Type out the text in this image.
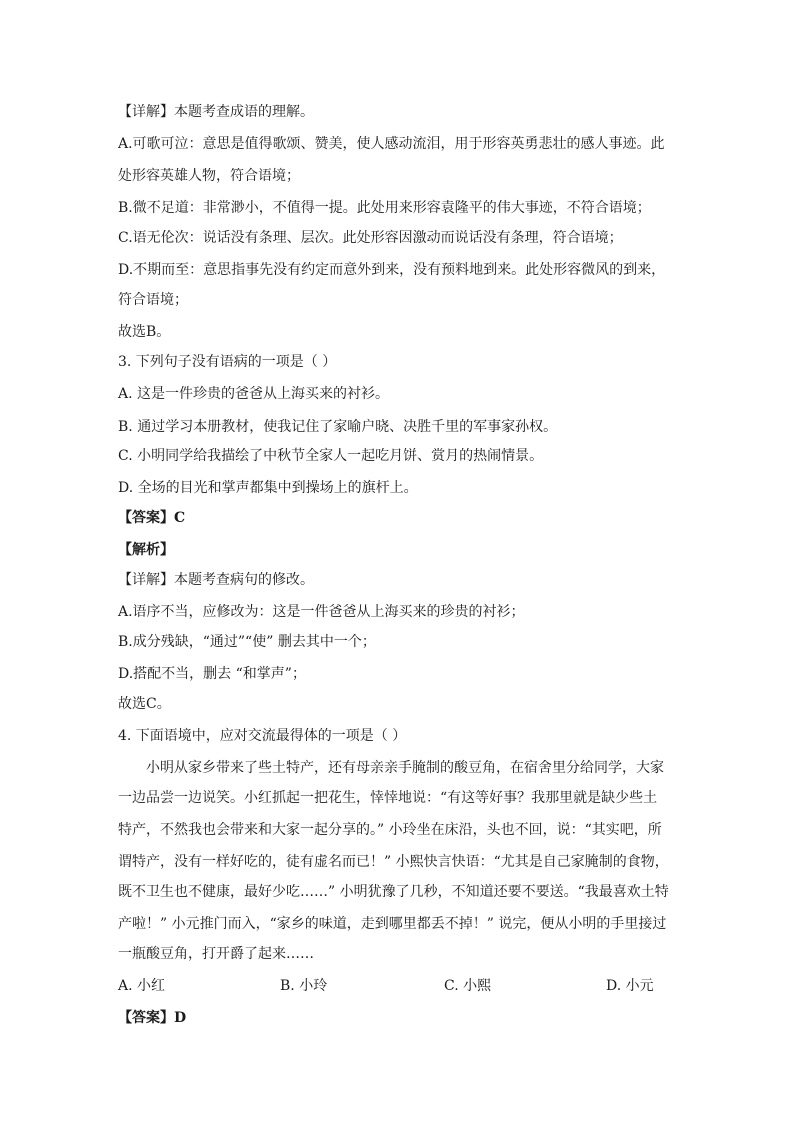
【详解】本题考查成语的理解。
A.可歌可泣：意思是值得歌颂、赞美，使人感动流泪，用于形容英勇悲壮的感人事迹。此
处形容英雄人物，符合语境；
B.微不足道：非常渺小，不值得一提。此处用来形容袁隆平的伟大事迹，不符合语境；
C.语无伦次：说话没有条理、层次。此处形容因激动而说话没有条理，符合语境；
D.不期而至：意思指事先没有约定而意外到来，没有预料地到来。此处形容微风的到来，
符合语境；
故选B。
3. 下列句子没有语病的一项是（ ）
A. 这是一件珍贵的爸爸从上海买来的衬衫。
B. 通过学习本册教材，使我记住了家喻户晓、决胜千里的军事家孙权。
C. 小明同学给我描绘了中秋节全家人一起吃月饼、赏月的热闹情景。
D. 全场的目光和掌声都集中到操场上的旗杆上。
【答案】C
【解析】
【详解】本题考查病句的修改。
A.语序不当，应修改为：这是一件爸爸从上海买来的珍贵的衬衫；
B.成分残缺，“通过”“使” 删去其中一个；
D.搭配不当，删去 “和掌声”；
故选C。
4. 下面语境中，应对交流最得体的一项是（ ）
小明从家乡带来了些土特产，还有母亲亲手腌制的酸豆角，在宿舍里分给同学，大家
一边品尝一边说笑。小红抓起一把花生，悻悻地说：“有这等好事？我那里就是缺少些土
特产，不然我也会带来和大家一起分享的。” 小玲坐在床沿，头也不回，说：“其实吧，所
谓特产，没有一样好吃的，徒有虚名而已！” 小熙快言快语：“尤其是自己家腌制的食物，
既不卫生也不健康，最好少吃……” 小明犹豫了几秒，不知道还要不要送。“我最喜欢土特
产啦！” 小元推门而入，“家乡的味道，走到哪里都丢不掉！” 说完，便从小明的手里接过
一瓶酸豆角，打开爵了起来……
A. 小红	B. 小玲	C. 小熙	D. 小元
【答案】D
